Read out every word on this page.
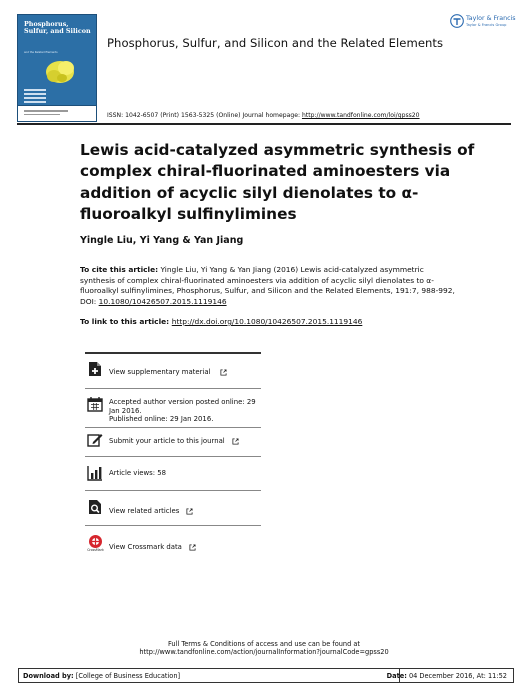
Phosphorus, Sulfur, and Silicon
and the Related Elements
Phosphorus, Sulfur, and Silicon and the Related Elements
Taylor & Francis
Taylor & Francis Group
ISSN: 1042-6507 (Print) 1563-5325 (Online) Journal homepage: http://www.tandfonline.com/loi/gpss20
Lewis acid-catalyzed asymmetric synthesis of complex chiral-fluorinated aminoesters via addition of acyclic silyl dienolates to α-fluoroalkyl sulfinylimines
Yingle Liu, Yi Yang & Yan Jiang
To cite this article: Yingle Liu, Yi Yang & Yan Jiang (2016) Lewis acid-catalyzed asymmetric synthesis of complex chiral-fluorinated aminoesters via addition of acyclic silyl dienolates to α-fluoroalkyl sulfinylimines, Phosphorus, Sulfur, and Silicon and the Related Elements, 191:7, 988-992, DOI: 10.1080/10426507.2015.1119146
To link to this article: http://dx.doi.org/10.1080/10426507.2015.1119146
View supplementary material
Accepted author version posted online: 29
Jan 2016.
Published online: 29 Jan 2016.
Submit your article to this journal
Article views: 58
View related articles
CrossMark View Crossmark data
Full Terms & Conditions of access and use can be found at
http://www.tandfonline.com/action/journalInformation?journalCode=gpss20
Download by: [College of Business Education]	Date: 04 December 2016, At: 11:52
